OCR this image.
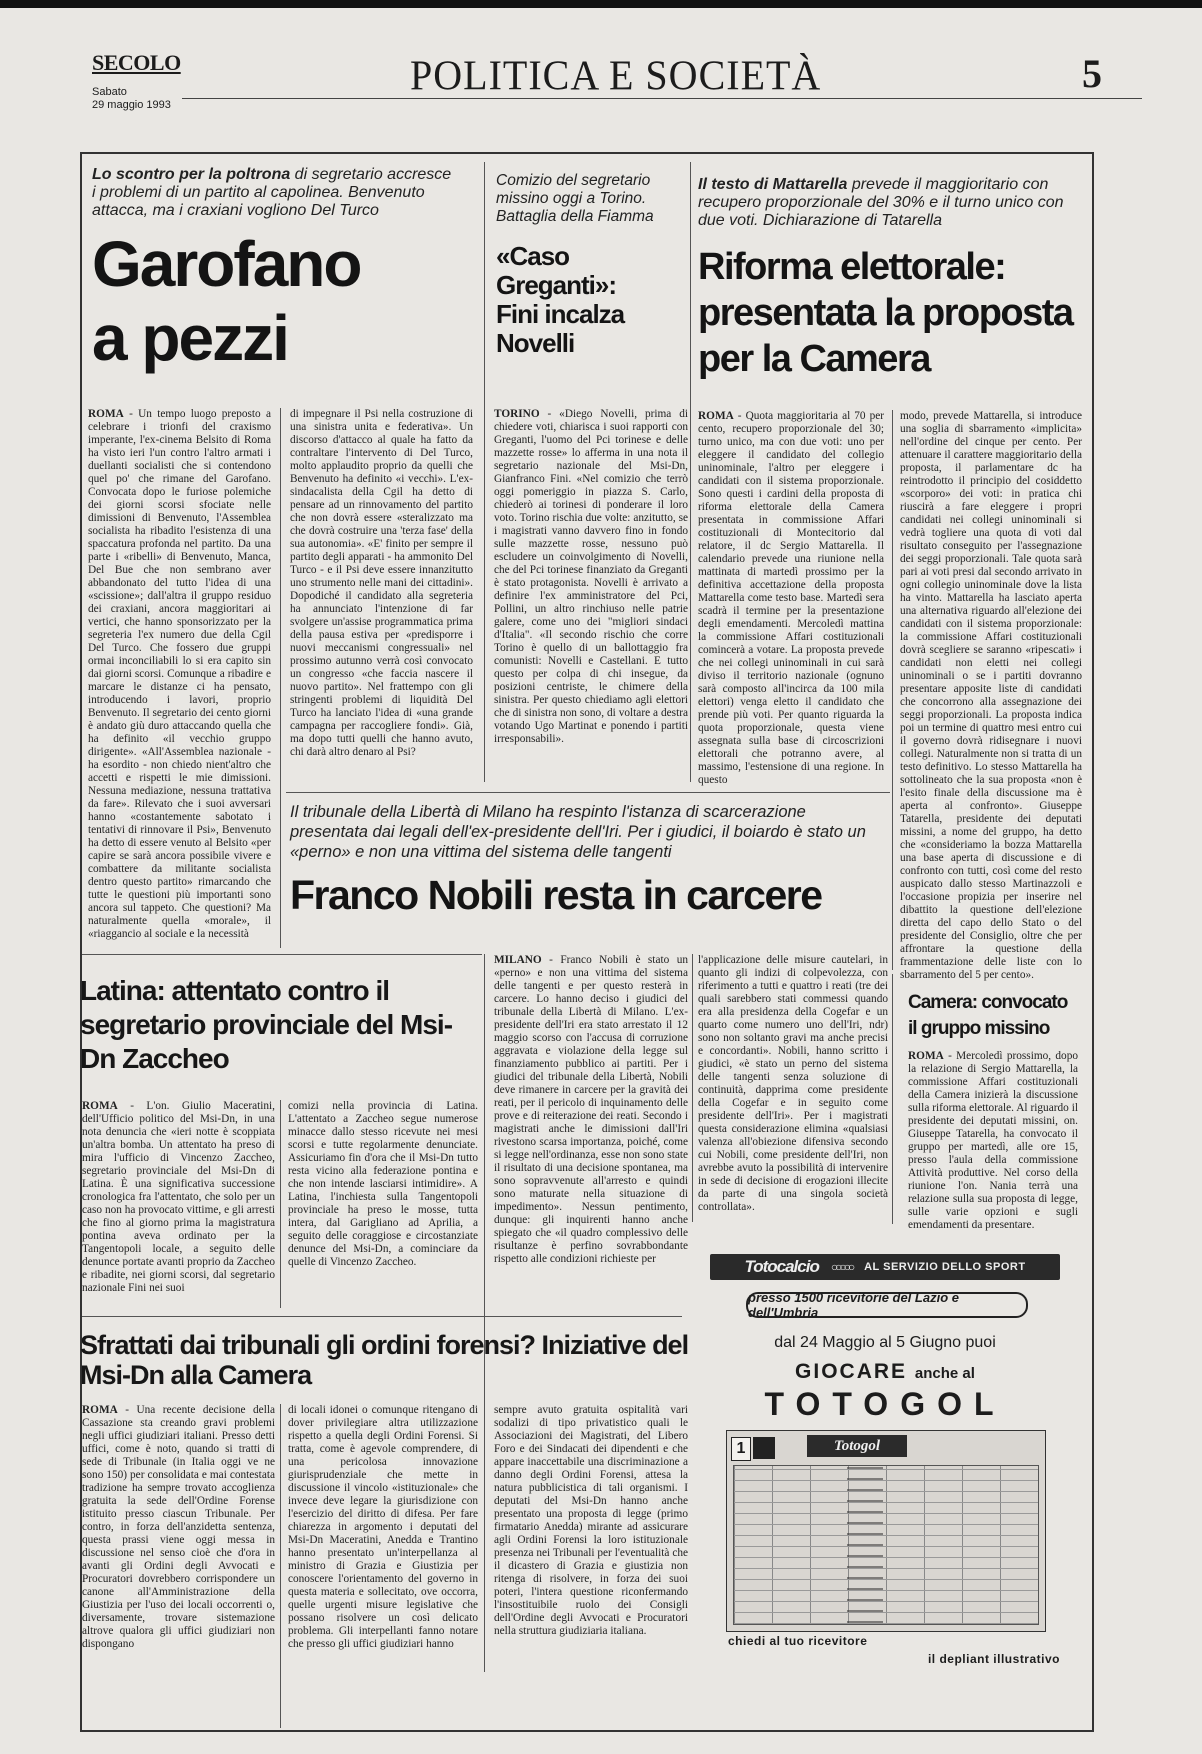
SECOLO
Sabato
29 maggio 1993
POLITICA E SOCIETÀ	5
Lo scontro per la poltrona di segretario accresce i problemi di un partito al capolinea. Benvenuto attacca, ma i craxiani vogliono Del Turco
Garofano
a pezzi
ROMA - Un tempo luogo preposto a celebrare i trionfi del craxismo imperante, l'ex-cinema Belsito di Roma ha visto ieri l'un contro l'altro armati i duellanti socialisti che si contendono quel po' che rimane del Garofano. Convocata dopo le furiose polemiche dei giorni scorsi sfociate nelle dimissioni di Benvenuto, l'Assemblea socialista ha ribadito l'esistenza di una spaccatura profonda nel partito. Da una parte i «ribelli» di Benvenuto, Manca, Del Bue che non sembrano aver abbandonato del tutto l'idea di una «scissione»; dall'altra il gruppo residuo dei craxiani, ancora maggioritari ai vertici, che hanno sponsorizzato per la segreteria l'ex numero due della Cgil Del Turco. Che fossero due gruppi ormai inconciliabili lo si era capito sin dai giorni scorsi. Comunque a ribadire e marcare le distanze ci ha pensato, introducendo i lavori, proprio Benvenuto. Il segretario dei cento giorni è andato giù duro attaccando quella che ha definito «il vecchio gruppo dirigente». «All'Assemblea nazionale - ha esordito - non chiedo nient'altro che accetti e rispetti le mie dimissioni. Nessuna mediazione, nessuna trattativa da fare». Rilevato che i suoi avversari hanno «costantemente sabotato i tentativi di rinnovare il Psi», Benvenuto ha detto di essere venuto al Belsito «per capire se sarà ancora possibile vivere e combattere da militante socialista dentro questo partito» rimarcando che tutte le questioni più importanti sono ancora sul tappeto. Che questioni? Ma naturalmente quella «morale», il «riaggancio al sociale e la necessità
di impegnare il Psi nella costruzione di una sinistra unita e federativa». Un discorso d'attacco al quale ha fatto da contraltare l'intervento di Del Turco, molto applaudito proprio da quelli che Benvenuto ha definito «i vecchi». L'ex-sindacalista della Cgil ha detto di pensare ad un rinnovamento del partito che non dovrà essere «steralizzato ma che dovrà costruire una 'terza fase' della sua autonomia». «E' finito per sempre il partito degli apparati - ha ammonito Del Turco - e il Psi deve essere innanzitutto uno strumento nelle mani dei cittadini». Dopodiché il candidato alla segreteria ha annunciato l'intenzione di far svolgere un'assise programmatica prima della pausa estiva per «predisporre i nuovi meccanismi congressuali» nel prossimo autunno verrà così convocato un congresso «che faccia nascere il nuovo partito». Nel frattempo con gli stringenti problemi di liquidità Del Turco ha lanciato l'idea di «una grande campagna per raccogliere fondi». Già, ma dopo tutti quelli che hanno avuto, chi darà altro denaro al Psi?
Comizio del segretario missino oggi a Torino. Battaglia della Fiamma
«Caso Greganti»: Fini incalza Novelli
TORINO - «Diego Novelli, prima di chiedere voti, chiarisca i suoi rapporti con Greganti, l'uomo del Pci torinese e delle mazzette rosse» lo afferma in una nota il segretario nazionale del Msi-Dn, Gianfranco Fini. «Nel comizio che terrò oggi pomeriggio in piazza S. Carlo, chiederò ai torinesi di ponderare il loro voto. Torino rischia due volte: anzitutto, se i magistrati vanno davvero fino in fondo sulle mazzette rosse, nessuno può escludere un coinvolgimento di Novelli, che del Pci torinese finanziato da Greganti è stato protagonista. Novelli è arrivato a definire l'ex amministratore del Pci, Pollini, un altro rinchiuso nelle patrie galere, come uno dei "migliori sindaci d'Italia". «Il secondo rischio che corre Torino è quello di un ballottaggio fra comunisti: Novelli e Castellani. E tutto questo per colpa di chi insegue, da posizioni centriste, le chimere della sinistra. Per questo chiediamo agli elettori che di sinistra non sono, di voltare a destra votando Ugo Martinat e ponendo i partiti irresponsabili».
Il testo di Mattarella prevede il maggioritario con recupero proporzionale del 30% e il turno unico con due voti. Dichiarazione di Tatarella
Riforma elettorale: presentata la proposta per la Camera
ROMA - Quota maggioritaria al 70 per cento, recupero proporzionale del 30; turno unico, ma con due voti: uno per eleggere il candidato del collegio uninominale, l'altro per eleggere i candidati con il sistema proporzionale. Sono questi i cardini della proposta di riforma elettorale della Camera presentata in commissione Affari costituzionali di Montecitorio dal relatore, il dc Sergio Mattarella. Il calendario prevede una riunione nella mattinata di martedì prossimo per la definitiva accettazione della proposta Mattarella come testo base. Martedì sera scadrà il termine per la presentazione degli emendamenti. Mercoledì mattina la commissione Affari costituzionali comincerà a votare. La proposta prevede che nei collegi uninominali in cui sarà diviso il territorio nazionale (ognuno sarà composto all'incirca da 100 mila elettori) venga eletto il candidato che prende più voti. Per quanto riguarda la quota proporzionale, questa viene assegnata sulla base di circoscrizioni elettorali che potranno avere, al massimo, l'estensione di una regione. In questo
modo, prevede Mattarella, si introduce una soglia di sbarramento «implicita» nell'ordine del cinque per cento. Per attenuare il carattere maggioritario della proposta, il parlamentare dc ha reintrodotto il principio del cosiddetto «scorporo» dei voti: in pratica chi riuscirà a fare eleggere i propri candidati nei collegi uninominali si vedrà togliere una quota di voti dal risultato conseguito per l'assegnazione dei seggi proporzionali. Tale quota sarà pari ai voti presi dal secondo arrivato in ogni collegio uninominale dove la lista ha vinto. Mattarella ha lasciato aperta una alternativa riguardo all'elezione dei candidati con il sistema proporzionale: la commissione Affari costituzionali dovrà scegliere se saranno «ripescati» i candidati non eletti nei collegi uninominali o se i partiti dovranno presentare apposite liste di candidati che concorrono alla assegnazione dei seggi proporzionali. La proposta indica poi un termine di quattro mesi entro cui il governo dovrà ridisegnare i nuovi collegi. Naturalmente non si tratta di un testo definitivo. Lo stesso Mattarella ha sottolineato che la sua proposta «non è l'esito finale della discussione ma è aperta al confronto». Giuseppe Tatarella, presidente dei deputati missini, a nome del gruppo, ha detto che «consideriamo la bozza Mattarella una base aperta di discussione e di confronto con tutti, così come del resto auspicato dallo stesso Martinazzoli e l'occasione propizia per inserire nel dibattito la questione dell'elezione diretta del capo dello Stato o del presidente del Consiglio, oltre che per affrontare la questione della frammentazione delle liste con lo sbarramento del 5 per cento».
Il tribunale della Libertà di Milano ha respinto l'istanza di scarcerazione presentata dai legali dell'ex-presidente dell'Iri. Per i giudici, il boiardo è stato un «perno» e non una vittima del sistema delle tangenti
Franco Nobili resta in carcere
MILANO - Franco Nobili è stato un «perno» e non una vittima del sistema delle tangenti e per questo resterà in carcere. Lo hanno deciso i giudici del tribunale della Libertà di Milano. L'ex-presidente dell'Iri era stato arrestato il 12 maggio scorso con l'accusa di corruzione aggravata e violazione della legge sul finanziamento pubblico ai partiti. Per i giudici del tribunale della Libertà, Nobili deve rimanere in carcere per la gravità dei reati, per il pericolo di inquinamento delle prove e di reiterazione dei reati. Secondo i magistrati anche le dimissioni dall'Iri rivestono scarsa importanza, poiché, come si legge nell'ordinanza, esse non sono state il risultato di una decisione spontanea, ma sono sopravvenute all'arresto e quindi sono maturate nella situazione di impedimento». Nessun pentimento, dunque: gli inquirenti hanno anche spiegato che «il quadro complessivo delle risultanze è perfino sovrabbondante rispetto alle condizioni richieste per
l'applicazione delle misure cautelari, in quanto gli indizi di colpevolezza, con riferimento a tutti e quattro i reati (tre dei quali sarebbero stati commessi quando era alla presidenza della Cogefar e un quarto come numero uno dell'Iri, ndr) sono non soltanto gravi ma anche precisi e concordanti». Nobili, hanno scritto i giudici, «è stato un perno del sistema delle tangenti senza soluzione di continuità, dapprima come presidente della Cogefar e in seguito come presidente dell'Iri». Per i magistrati questa considerazione elimina «qualsiasi valenza all'obiezione difensiva secondo cui Nobili, come presidente dell'Iri, non avrebbe avuto la possibilità di intervenire in sede di decisione di erogazioni illecite da parte di una singola società controllata».
Latina: attentato contro il segretario provinciale del Msi-Dn Zaccheo
ROMA - L'on. Giulio Maceratini, dell'Ufficio politico del Msi-Dn, in una nota denuncia che «ieri notte è scoppiata un'altra bomba. Un attentato ha preso di mira l'ufficio di Vincenzo Zaccheo, segretario provinciale del Msi-Dn di Latina. È una significativa successione cronologica fra l'attentato, che solo per un caso non ha provocato vittime, e gli arresti che fino al giorno prima la magistratura pontina aveva ordinato per la Tangentopoli locale, a seguito delle denunce portate avanti proprio da Zaccheo e ribadite, nei giorni scorsi, dal segretario nazionale Fini nei suoi
comizi nella provincia di Latina. L'attentato a Zaccheo segue numerose minacce dallo stesso ricevute nei mesi scorsi e tutte regolarmente denunciate. Assicuriamo fin d'ora che il Msi-Dn tutto resta vicino alla federazione pontina e che non intende lasciarsi intimidire». A Latina, l'inchiesta sulla Tangentopoli provinciale ha preso le mosse, tutta intera, dal Garigliano ad Aprilia, a seguito delle coraggiose e circostanziate denunce del Msi-Dn, a cominciare da quelle di Vincenzo Zaccheo.
Camera: convocato il gruppo missino
ROMA - Mercoledì prossimo, dopo la relazione di Sergio Mattarella, la commissione Affari costituzionali della Camera inizierà la discussione sulla riforma elettorale. Al riguardo il presidente dei deputati missini, on. Giuseppe Tatarella, ha convocato il gruppo per martedì, alle ore 15, presso l'aula della commissione Attività produttive. Nel corso della riunione l'on. Nania terrà una relazione sulla sua proposta di legge, sulle varie opzioni e sugli emendamenti da presentare.
Sfrattati dai tribunali gli ordini forensi? Iniziative del Msi-Dn alla Camera
ROMA - Una recente decisione della Cassazione sta creando gravi problemi negli uffici giudiziari italiani. Presso detti uffici, come è noto, quando si tratti di sede di Tribunale (in Italia oggi ve ne sono 150) per consolidata e mai contestata tradizione ha sempre trovato accoglienza gratuita la sede dell'Ordine Forense istituito presso ciascun Tribunale. Per contro, in forza dell'anzidetta sentenza, questa prassi viene oggi messa in discussione nel senso cioè che d'ora in avanti gli Ordini degli Avvocati e Procuratori dovrebbero corrispondere un canone all'Amministrazione della Giustizia per l'uso dei locali occorrenti o, diversamente, trovare sistemazione altrove qualora gli uffici giudiziari non dispongano
di locali idonei o comunque ritengano di dover privilegiare altra utilizzazione rispetto a quella degli Ordini Forensi. Si tratta, come è agevole comprendere, di una pericolosa innovazione giurisprudenziale che mette in discussione il vincolo «istituzionale» che invece deve legare la giurisdizione con l'esercizio del diritto di difesa. Per fare chiarezza in argomento i deputati del Msi-Dn Maceratini, Anedda e Trantino hanno presentato un'interpellanza al ministro di Grazia e Giustizia per conoscere l'orientamento del governo in questa materia e sollecitato, ove occorra, quelle urgenti misure legislative che possano risolvere un così delicato problema. Gli interpellanti fanno notare che presso gli uffici giudiziari hanno
sempre avuto gratuita ospitalità vari sodalizi di tipo privatistico quali le Associazioni dei Magistrati, del Libero Foro e dei Sindacati dei dipendenti e che appare inaccettabile una discriminazione a danno degli Ordini Forensi, attesa la natura pubblicistica di tali organismi. I deputati del Msi-Dn hanno anche presentato una proposta di legge (primo firmatario Anedda) mirante ad assicurare agli Ordini Forensi la loro istituzionale presenza nei Tribunali per l'eventualità che il dicastero di Grazia e giustizia non ritenga di risolvere, in forza dei suoi poteri, l'intera questione riconfermando l'insostituibile ruolo dei Consigli dell'Ordine degli Avvocati e Procuratori nella struttura giudiziaria italiana.
Totocalcio ○○○○○ AL SERVIZIO DELLO SPORT
presso 1500 ricevitorie del Lazio e dell'Umbria
dal 24 Maggio al 5 Giugno puoi
GIOCARE anche al
TOTOGOL
1	Totogol
chiedi al tuo ricevitore
il depliant illustrativo
